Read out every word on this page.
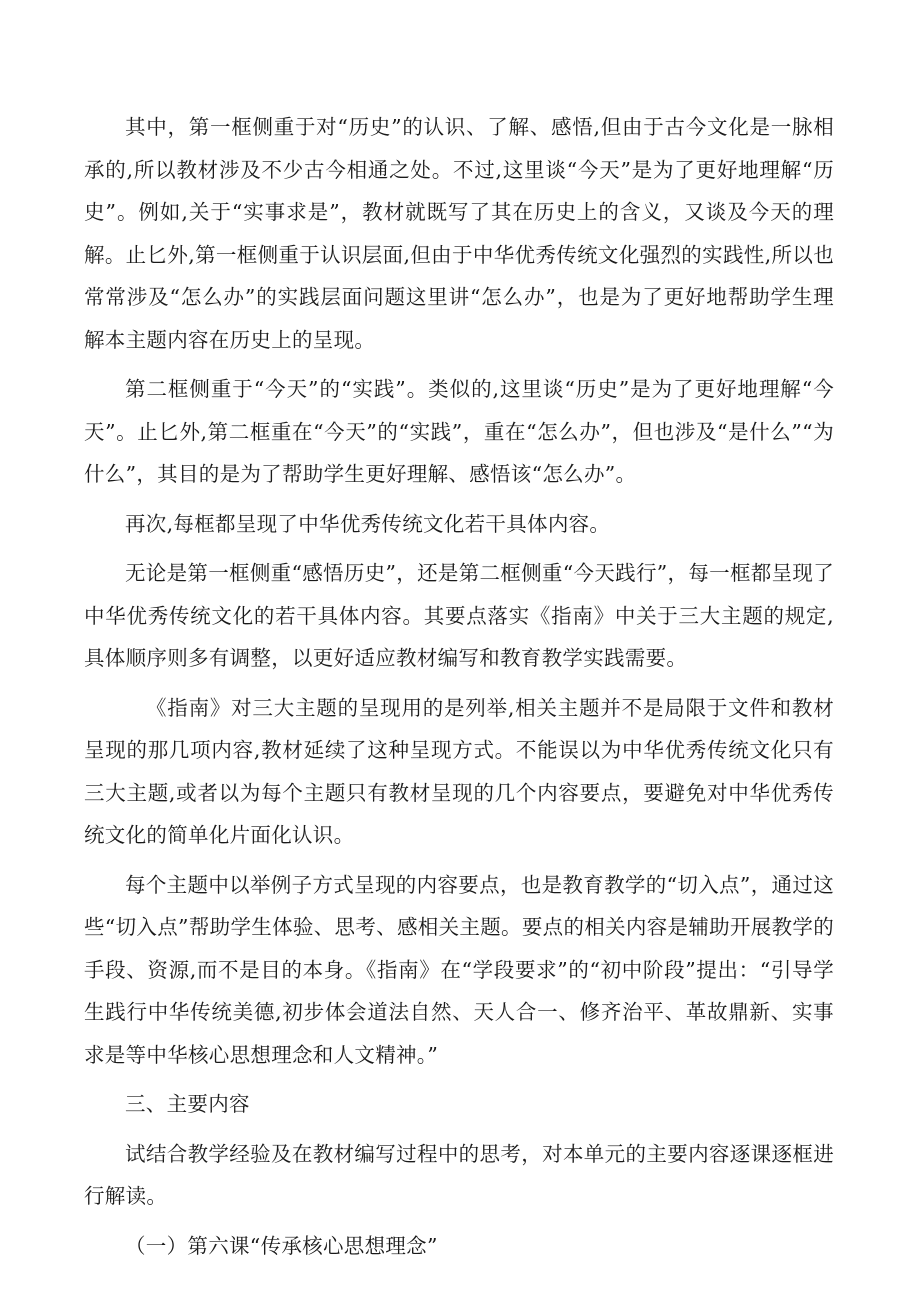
其中，第一框侧重于对“历史”的认识、了解、感悟,但由于古今文化是一脉相承的,所以教材涉及不少古今相通之处。不过,这里谈“今天”是为了更好地理解“历史”。例如,关于“实事求是”，教材就既写了其在历史上的含义，又谈及今天的理解。止匕外,第一框侧重于认识层面,但由于中华优秀传统文化强烈的实践性,所以也常常涉及“怎么办”的实践层面问题这里讲“怎么办”，也是为了更好地帮助学生理解本主题内容在历史上的呈现。

第二框侧重于“今天”的“实践”。类似的,这里谈“历史”是为了更好地理解“今天”。止匕外,第二框重在“今天”的“实践”，重在“怎么办”，但也涉及“是什么”“为什么”，其目的是为了帮助学生更好理解、感悟该“怎么办”。

再次,每框都呈现了中华优秀传统文化若干具体内容。

无论是第一框侧重“感悟历史”，还是第二框侧重“今天践行”，每一框都呈现了中华优秀传统文化的若干具体内容。其要点落实《指南》中关于三大主题的规定,具体顺序则多有调整，以更好适应教材编写和教育教学实践需要。

《指南》对三大主题的呈现用的是列举,相关主题并不是局限于文件和教材呈现的那几项内容,教材延续了这种呈现方式。不能误以为中华优秀传统文化只有三大主题,或者以为每个主题只有教材呈现的几个内容要点，要避免对中华优秀传统文化的简单化片面化认识。

每个主题中以举例子方式呈现的内容要点，也是教育教学的“切入点”，通过这些“切入点”帮助学生体验、思考、感相关主题。要点的相关内容是辅助开展教学的手段、资源,而不是目的本身。《指南》在“学段要求”的“初中阶段”提出：“引导学生践行中华传统美德,初步体会道法自然、天人合一、修齐治平、革故鼎新、实事求是等中华核心思想理念和人文精神。”

三、主要内容

试结合教学经验及在教材编写过程中的思考，对本单元的主要内容逐课逐框进行解读。

（一）第六课“传承核心思想理念”
